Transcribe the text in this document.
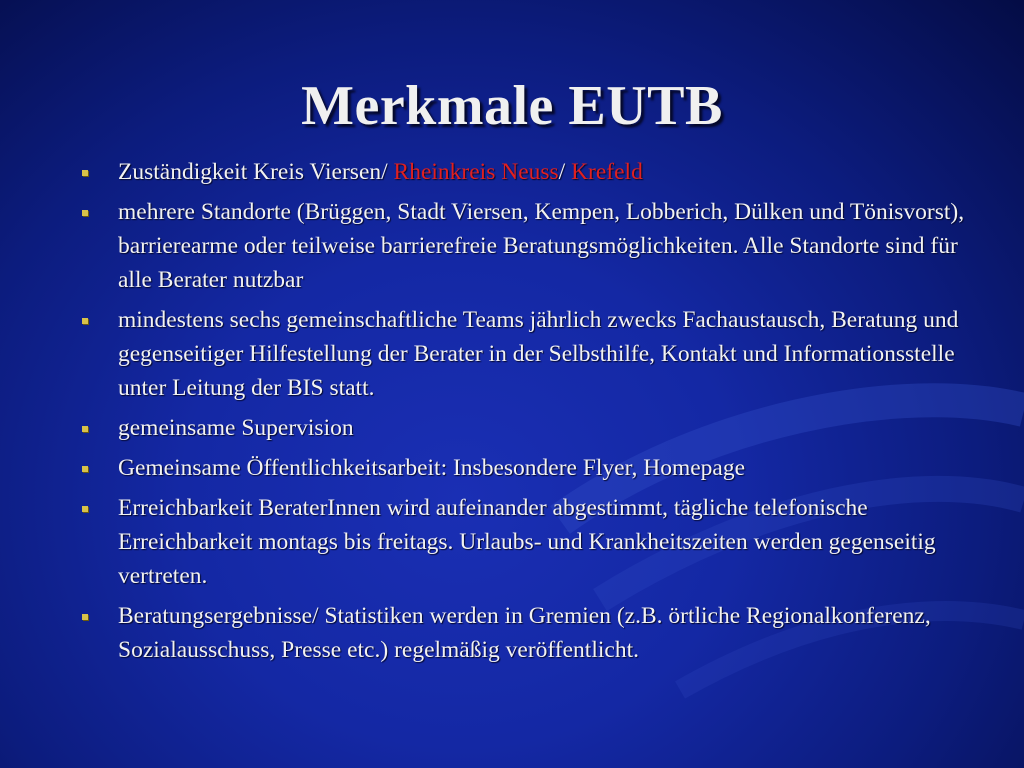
Merkmale EUTB
Zuständigkeit Kreis Viersen/ Rheinkreis Neuss/ Krefeld
mehrere Standorte (Brüggen, Stadt Viersen, Kempen, Lobberich, Dülken und Tönisvorst), barrierearme oder teilweise barrierefreie Beratungsmöglichkeiten. Alle Standorte sind für alle Berater nutzbar
mindestens sechs gemeinschaftliche Teams jährlich zwecks Fachaustausch, Beratung und gegenseitiger Hilfestellung der Berater in der Selbsthilfe, Kontakt und Informationsstelle unter Leitung der BIS statt.
gemeinsame Supervision
Gemeinsame Öffentlichkeitsarbeit: Insbesondere Flyer, Homepage
Erreichbarkeit BeraterInnen wird aufeinander abgestimmt, tägliche telefonische Erreichbarkeit montags bis freitags. Urlaubs- und Krankheitszeiten werden gegenseitig vertreten.
Beratungsergebnisse/ Statistiken werden in Gremien (z.B. örtliche Regionalkonferenz, Sozialausschuss, Presse etc.) regelmäßig veröffentlicht.
